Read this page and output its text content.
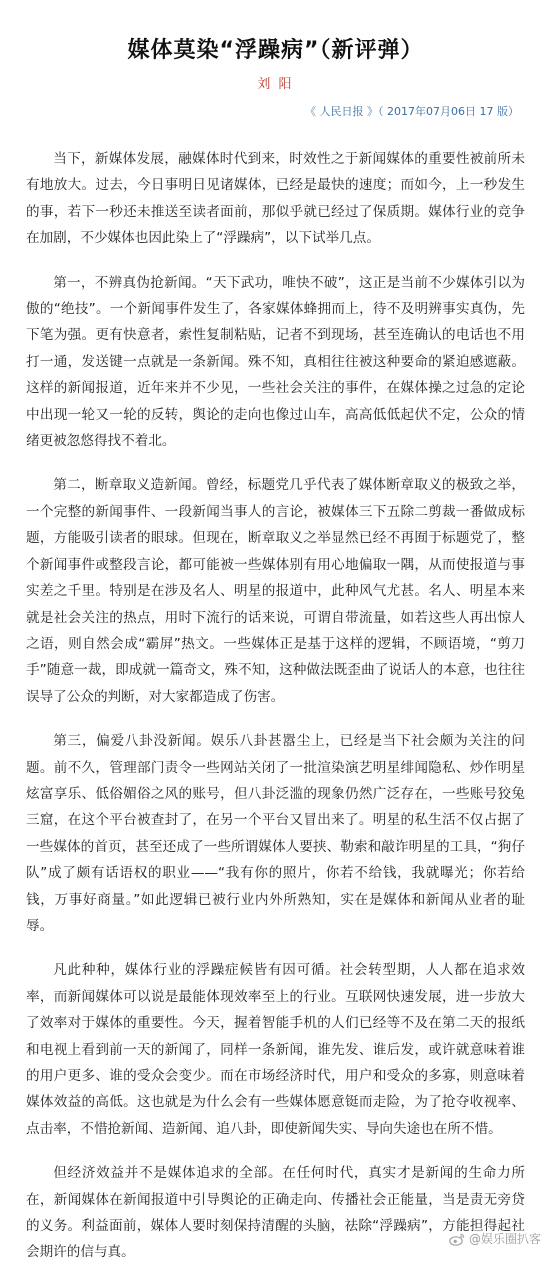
媒体莫染“浮躁病”（新评弹）
刘 阳
《 人民日报 》（ 2017年07月06日 17 版）

当下，新媒体发展，融媒体时代到来，时效性之于新闻媒体的重要性被前所未有地放大。过去，今日事明日见诸媒体，已经是最快的速度；而如今，上一秒发生的事，若下一秒还未推送至读者面前，那似乎就已经过了保质期。媒体行业的竞争在加剧，不少媒体也因此染上了“浮躁病”，以下试举几点。

第一，不辨真伪抢新闻。“天下武功，唯快不破”，这正是当前不少媒体引以为傲的“绝技”。一个新闻事件发生了，各家媒体蜂拥而上，待不及明辨事实真伪，先下笔为强。更有快意者，索性复制粘贴，记者不到现场，甚至连确认的电话也不用打一通，发送键一点就是一条新闻。殊不知，真相往往被这种要命的紧迫感遮蔽。这样的新闻报道，近年来并不少见，一些社会关注的事件，在媒体操之过急的定论中出现一轮又一轮的反转，舆论的走向也像过山车，高高低低起伏不定，公众的情绪更被忽悠得找不着北。

第二，断章取义造新闻。曾经，标题党几乎代表了媒体断章取义的极致之举，一个完整的新闻事件、一段新闻当事人的言论，被媒体三下五除二剪裁一番做成标题，方能吸引读者的眼球。但现在，断章取义之举显然已经不再囿于标题党了，整个新闻事件或整段言论，都可能被一些媒体别有用心地偏取一隅，从而使报道与事实差之千里。特别是在涉及名人、明星的报道中，此种风气尤甚。名人、明星本来就是社会关注的热点，用时下流行的话来说，可谓自带流量，如若这些人再出惊人之语，则自然会成“霸屏”热文。一些媒体正是基于这样的逻辑，不顾语境，“剪刀手”随意一裁，即成就一篇奇文，殊不知，这种做法既歪曲了说话人的本意，也往往误导了公众的判断，对大家都造成了伤害。

第三，偏爱八卦没新闻。娱乐八卦甚嚣尘上，已经是当下社会颇为关注的问题。前不久，管理部门责令一些网站关闭了一批渲染演艺明星绯闻隐私、炒作明星炫富享乐、低俗媚俗之风的账号，但八卦泛滥的现象仍然广泛存在，一些账号狡兔三窟，在这个平台被查封了，在另一个平台又冒出来了。明星的私生活不仅占据了一些媒体的首页，甚至还成了一些所谓媒体人要挟、勒索和敲诈明星的工具，“狗仔队”成了颇有话语权的职业——“我有你的照片，你若不给钱，我就曝光；你若给钱，万事好商量。”如此逻辑已被行业内外所熟知，实在是媒体和新闻从业者的耻辱。

凡此种种，媒体行业的浮躁症候皆有因可循。社会转型期，人人都在追求效率，而新闻媒体可以说是最能体现效率至上的行业。互联网快速发展，进一步放大了效率对于媒体的重要性。今天，握着智能手机的人们已经等不及在第二天的报纸和电视上看到前一天的新闻了，同样一条新闻，谁先发、谁后发，或许就意味着谁的用户更多、谁的受众会变少。而在市场经济时代，用户和受众的多寡，则意味着媒体效益的高低。这也就是为什么会有一些媒体愿意铤而走险，为了抢夺收视率、点击率，不惜抢新闻、造新闻、追八卦，即使新闻失实、导向失途也在所不惜。

但经济效益并不是媒体追求的全部。在任何时代，真实才是新闻的生命力所在，新闻媒体在新闻报道中引导舆论的正确走向、传播社会正能量，当是责无旁贷的义务。利益面前，媒体人要时刻保持清醒的头脑，祛除“浮躁病”，方能担得起社会期许的信与真。

@娱乐圈扒客
